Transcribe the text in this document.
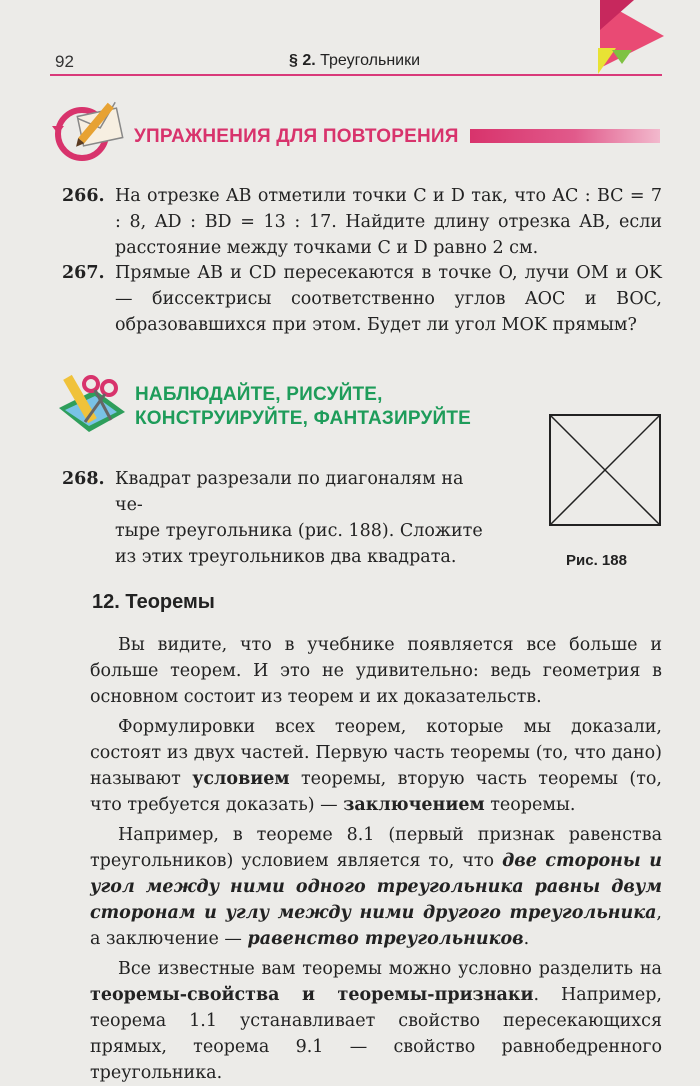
92	§ 2. Треугольники
УПРАЖНЕНИЯ ДЛЯ ПОВТОРЕНИЯ
266. На отрезке AB отметили точки C и D так, что AC : BC = 7 : 8, AD : BD = 13 : 17. Найдите длину отрезка AB, если расстояние между точками C и D равно 2 см.
267. Прямые AB и CD пересекаются в точке O, лучи OM и OK — биссектрисы соответственно углов AOC и BOC, образовавшихся при этом. Будет ли угол MOK прямым?
НАБЛЮДАЙТЕ, РИСУЙТЕ,
КОНСТРУИРУЙТЕ, ФАНТАЗИРУЙТЕ
268. Квадрат разрезали по диагоналям на че-
тыре треугольника (рис. 188). Сложите
из этих треугольников два квадрата.	Рис. 188
12. Теоремы

Вы видите, что в учебнике появляется все больше и больше теорем. И это не удивительно: ведь геометрия в основном состоит из теорем и их доказательств.

Формулировки всех теорем, которые мы доказали, состоят из двух частей. Первую часть теоремы (то, что дано) называют условием теоремы, вторую часть теоремы (то, что требуется доказать) — заключением теоремы.

Например, в теореме 8.1 (первый признак равенства треугольников) условием является то, что две стороны и угол между ними одного треугольника равны двум сторонам и углу между ними другого треугольника, а заключение — равенство треугольников.

Все известные вам теоремы можно условно разделить на теоремы-свойства и теоремы-признаки. Например, теорема 1.1 устанавливает свойство пересекающихся прямых, теорема 9.1 — свойство равнобедренного треугольника.
